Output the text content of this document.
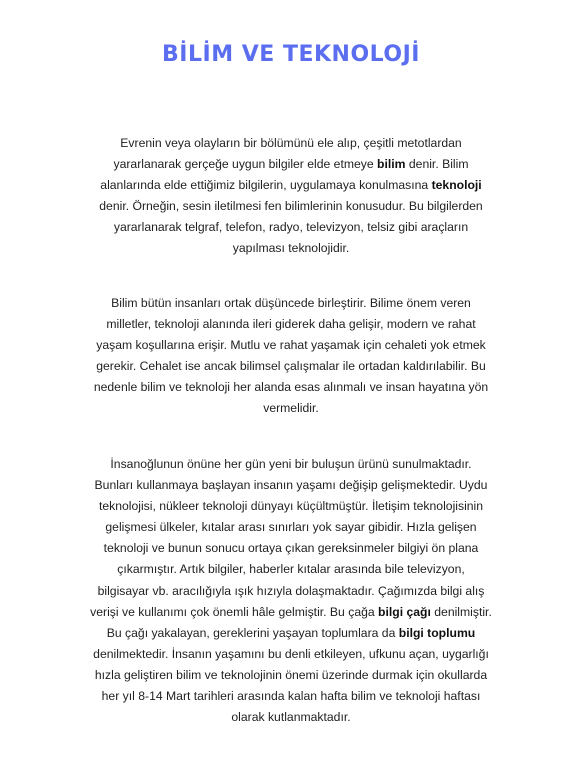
BİLİM VE TEKNOLOJİ

Evrenin veya olayların bir bölümünü ele alıp, çeşitli metotlardan
yararlanarak gerçeğe uygun bilgiler elde etmeye bilim denir. Bilim
alanlarında elde ettiğimiz bilgilerin, uygulamaya konulmasına teknoloji
denir. Örneğin, sesin iletilmesi fen bilimlerinin konusudur. Bu bilgilerden
yararlanarak telgraf, telefon, radyo, televizyon, telsiz gibi araçların
yapılması teknolojidir.

Bilim bütün insanları ortak düşüncede birleştirir. Bilime önem veren
milletler, teknoloji alanında ileri giderek daha gelişir, modern ve rahat
yaşam koşullarına erişir. Mutlu ve rahat yaşamak için cehaleti yok etmek
gerekir. Cehalet ise ancak bilimsel çalışmalar ile ortadan kaldırılabilir. Bu
nedenle bilim ve teknoloji her alanda esas alınmalı ve insan hayatına yön
vermelidir.

İnsanoğlunun önüne her gün yeni bir buluşun ürünü sunulmaktadır.
Bunları kullanmaya başlayan insanın yaşamı değişip gelişmektedir. Uydu
teknolojisi, nükleer teknoloji dünyayı küçültmüştür. İletişim teknolojisinin
gelişmesi ülkeler, kıtalar arası sınırları yok sayar gibidir. Hızla gelişen
teknoloji ve bunun sonucu ortaya çıkan gereksinmeler bilgiyi ön plana
çıkarmıştır. Artık bilgiler, haberler kıtalar arasında bile televizyon,
bilgisayar vb. aracılığıyla ışık hızıyla dolaşmaktadır. Çağımızda bilgi alış
verişi ve kullanımı çok önemli hâle gelmiştir. Bu çağa bilgi çağı denilmiştir.
Bu çağı yakalayan, gereklerini yaşayan toplumlara da bilgi toplumu
denilmektedir. İnsanın yaşamını bu denli etkileyen, ufkunu açan, uygarlığı
hızla geliştiren bilim ve teknolojinin önemi üzerinde durmak için okullarda
her yıl 8-14 Mart tarihleri arasında kalan hafta bilim ve teknoloji haftası
olarak kutlanmaktadır.
